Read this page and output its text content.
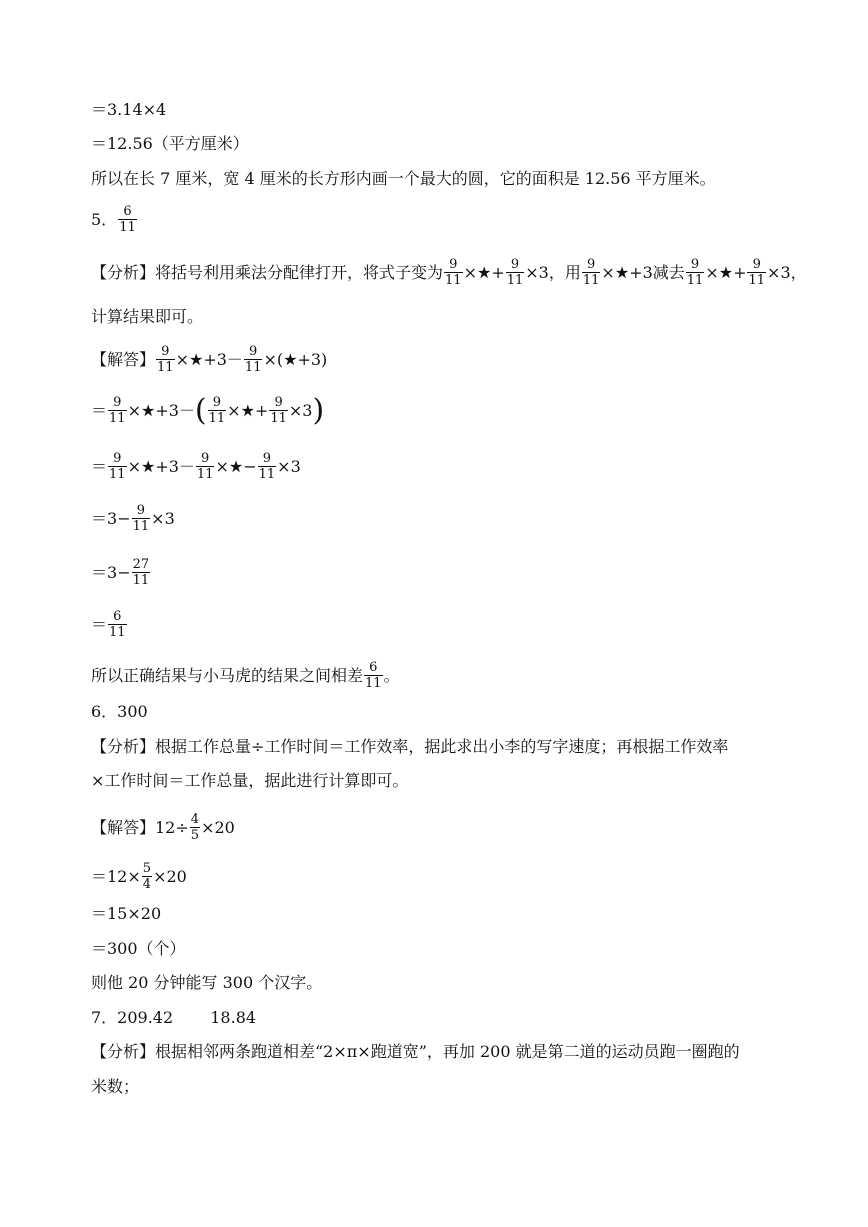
＝3.14×4
＝12.56（平方厘米）
所以在长 7 厘米，宽 4 厘米的长方形内画一个最大的圆，它的面积是 12.56 平方厘米。
5． $\frac{6}{11}$
【分析】将括号利用乘法分配律打开，将式子变为 $\frac{9}{11}$ ×★+ $\frac{9}{11} \times 3$ ，用 $\frac{9}{11}$ ×★+3 减去 $\frac{9}{11}$ ×★+ $\frac{9}{11} \times 3$ ，
计算结果即可。
【解答】 $\frac{9}{11}$ ×★+3 － $\frac{9}{11}$ ×(★+3)
＝ $\frac{9}{11}$ ×★+3 － ( $\frac{9}{11}$ ×★+ $\frac{9}{11} \times 3$ )
＝ $\frac{9}{11}$ ×★+3 － $\frac{9}{11}$ ×★− $\frac{9}{11} \times 3$
＝ $3- \frac{9}{11} \times 3$
＝ $3- \frac{27}{11}$
＝ $\frac{6}{11}$
所以正确结果与小马虎的结果之间相差 $\frac{6}{11}$ 。
6．300
【分析】根据工作总量÷工作时间＝工作效率，据此求出小李的写字速度；再根据工作效率
×工作时间＝工作总量，据此进行计算即可。
【解答】$12\div \frac{4}{5} \times 20$
$=12\times \frac{5}{4} \times 20$
＝15×20
＝300（个）
则他 20 分钟能写 300 个汉字。
7．209.42　　 18.84
【分析】根据相邻两条跑道相差“2×π×跑道宽”，再加 200 就是第二道的运动员跑一圈跑的
米数；
